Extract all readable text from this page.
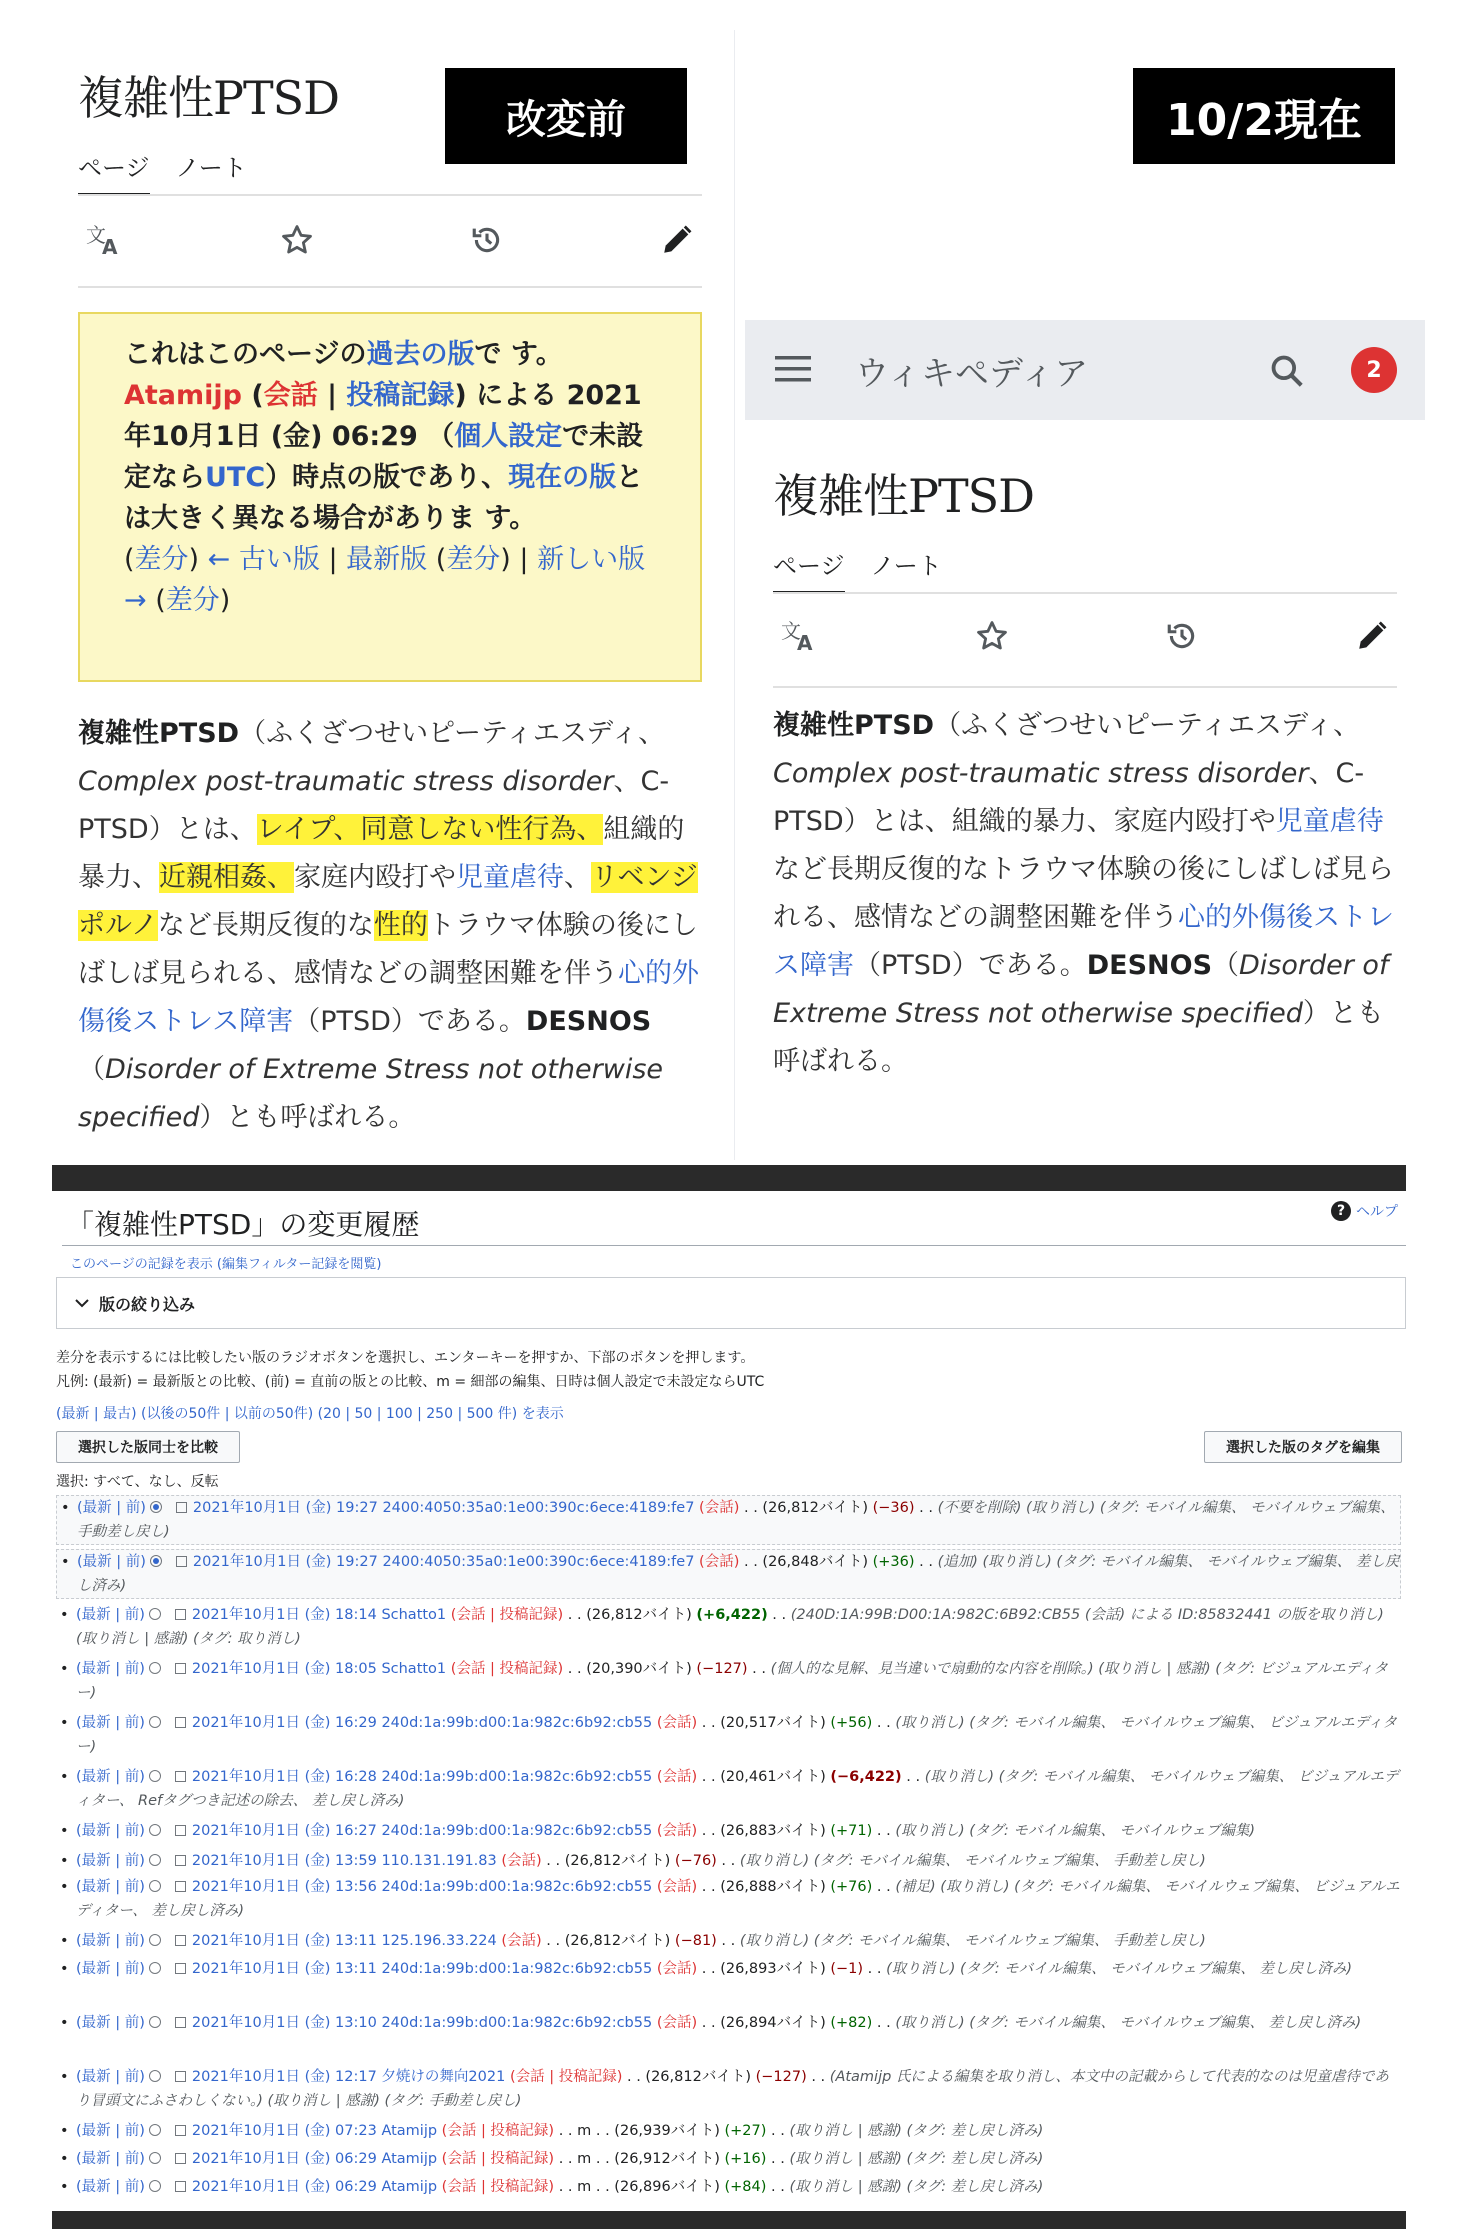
複雑性PTSD
ページ ノート
文
A
これはこのページの過去の版で す。Atamijp (会話 | 投稿記録) による 2021年10月1日 (金) 06:29 （個人設定で未設定ならUTC）時点の版であり、現在の版とは大きく異なる場合がありま す。
(差分) ← 古い版 | 最新版 (差分) | 新しい版 → (差分)
複雑性PTSD（ふくざつせいピーティエスディ、Complex post-traumatic stress disorder、C-PTSD）とは、レイプ、同意しない性行為、組織的暴力、近親相姦、家庭内殴打や児童虐待、リベンジポルノなど長期反復的な性的トラウマ体験の後にしばしば見られる、感情などの調整困難を伴う心的外傷後ストレス障害（PTSD）である。DESNOS（Disorder of Extreme Stress not otherwise specified）とも呼ばれる。
改変前	10/2現在
ウィキペディア	2
複雑性PTSD
ページ ノート
文
A
複雑性PTSD（ふくざつせいピーティエスディ、Complex post-traumatic stress disorder、C-PTSD）とは、組織的暴力、家庭内殴打や児童虐待など長期反復的なトラウマ体験の後にしばしば見られる、感情などの調整困難を伴う心的外傷後ストレス障害（PTSD）である。DESNOS（Disorder of Extreme Stress not otherwise specified）とも呼ばれる。
「複雑性PTSD」の変更履歴	? ヘルプ
このページの記録を表示 (編集フィルター記録を閲覧)
版の絞り込み
差分を表示するには比較したい版のラジオボタンを選択し、エンターキーを押すか、下部のボタンを押します。
凡例: (最新) = 最新版との比較、(前) = 直前の版との比較、m = 細部の編集、日時は個人設定で未設定ならUTC
(最新 | 最古) (以後の50件 | 以前の50件) (20 | 50 | 100 | 250 | 500 件) を表示
選択した版同士を比較	選択した版のタグを編集
選択: すべて、なし、反転
• (最新 | 前)	2021年10月1日 (金) 19:27 2400:4050:35a0:1e00:390c:6ece:4189:fe7 (会話) . . (26,812バイト) (−36) . . (不要を削除) (取り消し) (タグ: モバイル編集、 モバイルウェブ編集、 手動差し戻し)
• (最新 | 前)	2021年10月1日 (金) 19:27 2400:4050:35a0:1e00:390c:6ece:4189:fe7 (会話) . . (26,848バイト) (+36) . . (追加) (取り消し) (タグ: モバイル編集、 モバイルウェブ編集、 差し戻し済み)
• (最新 | 前)	2021年10月1日 (金) 18:14 Schatto1 (会話 | 投稿記録) . . (26,812バイト) (+6,422) . . (240D:1A:99B:D00:1A:982C:6B92:CB55 (会話) による ID:85832441 の版を取り消し) (取り消し | 感謝) (タグ: 取り消し)
• (最新 | 前)	2021年10月1日 (金) 18:05 Schatto1 (会話 | 投稿記録) . . (20,390バイト) (−127) . . (個人的な見解、見当違いで扇動的な内容を削除。) (取り消し | 感謝) (タグ: ビジュアルエディター)
• (最新 | 前)	2021年10月1日 (金) 16:29 240d:1a:99b:d00:1a:982c:6b92:cb55 (会話) . . (20,517バイト) (+56) . . (取り消し) (タグ: モバイル編集、 モバイルウェブ編集、 ビジュアルエディター)
• (最新 | 前)	2021年10月1日 (金) 16:28 240d:1a:99b:d00:1a:982c:6b92:cb55 (会話) . . (20,461バイト) (−6,422) . . (取り消し) (タグ: モバイル編集、 モバイルウェブ編集、 ビジュアルエディター、 Refタグつき記述の除去、 差し戻し済み)
• (最新 | 前)	2021年10月1日 (金) 16:27 240d:1a:99b:d00:1a:982c:6b92:cb55 (会話) . . (26,883バイト) (+71) . . (取り消し) (タグ: モバイル編集、 モバイルウェブ編集)
• (最新 | 前)	2021年10月1日 (金) 13:59 110.131.191.83 (会話) . . (26,812バイト) (−76) . . (取り消し) (タグ: モバイル編集、 モバイルウェブ編集、 手動差し戻し)
• (最新 | 前)	2021年10月1日 (金) 13:56 240d:1a:99b:d00:1a:982c:6b92:cb55 (会話) . . (26,888バイト) (+76) . . (補足) (取り消し) (タグ: モバイル編集、 モバイルウェブ編集、 ビジュアルエディター、 差し戻し済み)
• (最新 | 前)	2021年10月1日 (金) 13:11 125.196.33.224 (会話) . . (26,812バイト) (−81) . . (取り消し) (タグ: モバイル編集、 モバイルウェブ編集、 手動差し戻し)
• (最新 | 前)	2021年10月1日 (金) 13:11 240d:1a:99b:d00:1a:982c:6b92:cb55 (会話) . . (26,893バイト) (−1) . . (取り消し) (タグ: モバイル編集、 モバイルウェブ編集、 差し戻し済み)
• (最新 | 前)	2021年10月1日 (金) 13:10 240d:1a:99b:d00:1a:982c:6b92:cb55 (会話) . . (26,894バイト) (+82) . . (取り消し) (タグ: モバイル編集、 モバイルウェブ編集、 差し戻し済み)
• (最新 | 前)	2021年10月1日 (金) 12:17 夕焼けの舞向2021 (会話 | 投稿記録) . . (26,812バイト) (−127) . . (Atamijp 氏による編集を取り消し、本文中の記載からして代表的なのは児童虐待であり冒頭文にふさわしくない。) (取り消し | 感謝) (タグ: 手動差し戻し)
• (最新 | 前)	2021年10月1日 (金) 07:23 Atamijp (会話 | 投稿記録) . . m . . (26,939バイト) (+27) . . (取り消し | 感謝) (タグ: 差し戻し済み)
• (最新 | 前)	2021年10月1日 (金) 06:29 Atamijp (会話 | 投稿記録) . . m . . (26,912バイト) (+16) . . (取り消し | 感謝) (タグ: 差し戻し済み)
• (最新 | 前)	2021年10月1日 (金) 06:29 Atamijp (会話 | 投稿記録) . . m . . (26,896バイト) (+84) . . (取り消し | 感謝) (タグ: 差し戻し済み)
